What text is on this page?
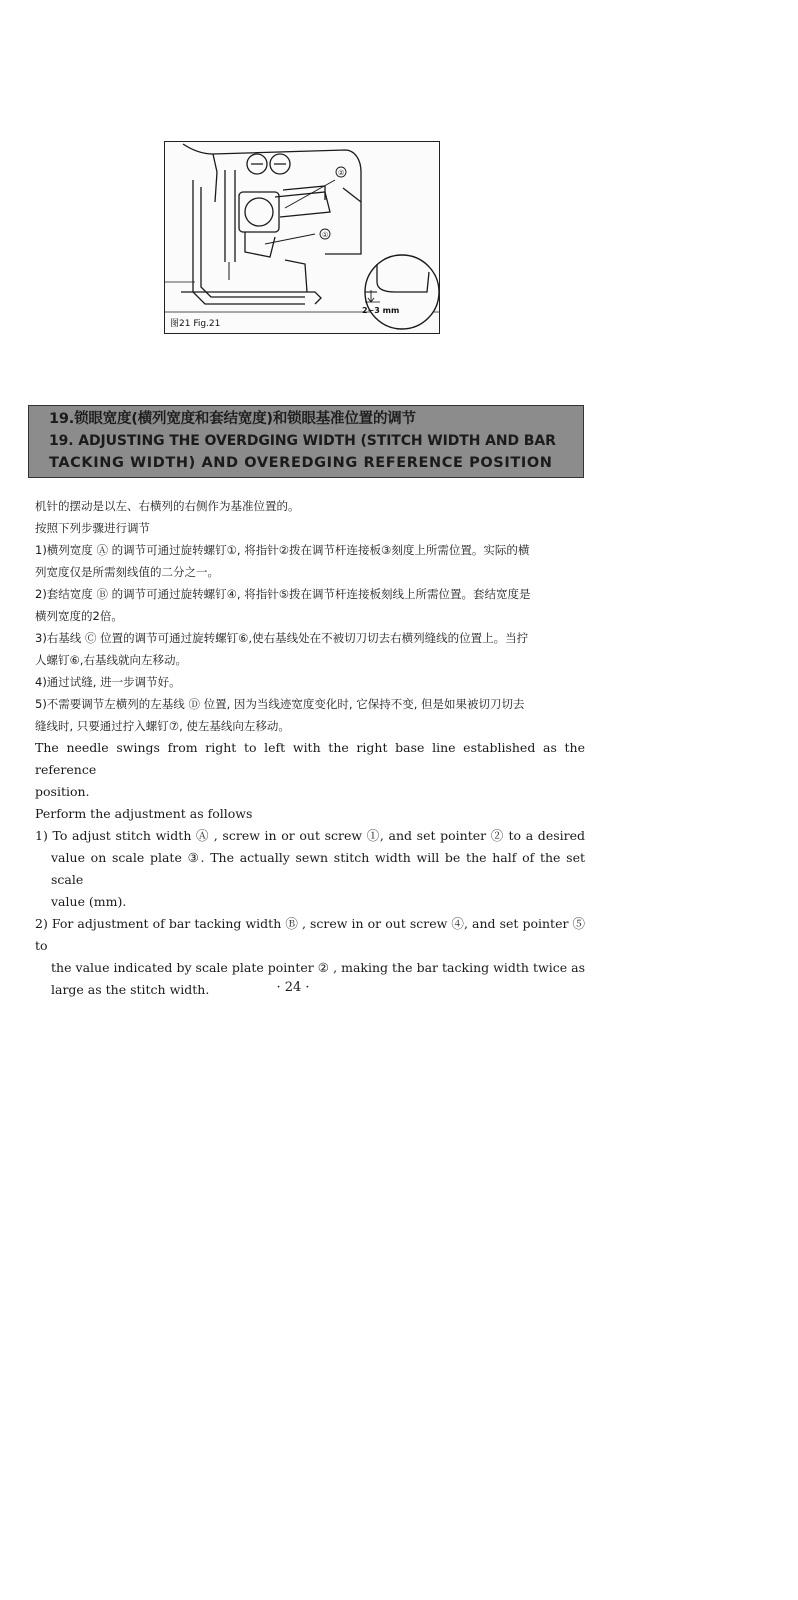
②
①
2~3 mm
图21 Fig.21
19.锁眼宽度(横列宽度和套结宽度)和锁眼基准位置的调节
19. ADJUSTING THE OVERDGING WIDTH (STITCH WIDTH AND BAR
TACKING WIDTH) AND OVEREDGING REFERENCE POSITION

机针的摆动是以左、右横列的右侧作为基准位置的。

按照下列步骤进行调节

1)横列宽度 Ⓐ 的调节可通过旋转螺钉①, 将指针②拨在调节杆连接板③刻度上所需位置。实际的横

列宽度仅是所需刻线值的二分之一。

2)套结宽度 Ⓑ 的调节可通过旋转螺钉④, 将指针⑤拨在调节杆连接板刻线上所需位置。套结宽度是

横列宽度的2倍。

3)右基线 Ⓒ 位置的调节可通过旋转螺钉⑥,使右基线处在不被切刀切去右横列缝线的位置上。当拧

人螺钉⑥,右基线就向左移动。

4)通过试缝, 进一步调节好。

5)不需要调节左横列的左基线 Ⓓ 位置, 因为当线迹宽度变化时, 它保持不变, 但是如果被切刀切去

缝线时, 只要通过拧入螺钉⑦, 使左基线向左移动。

The needle swings from right to left with the right base line established as the reference

position.

Perform the adjustment as follows

1) To adjust stitch width Ⓐ , screw in or out screw ①, and set pointer ② to a desired

value on scale plate ③. The actually sewn stitch width will be the half of the set scale

value (mm).

2) For adjustment of bar tacking width Ⓑ , screw in or out screw ④, and set pointer ⑤ to

the value indicated by scale plate pointer ② , making the bar tacking width twice as

large as the stitch width.	· 24 ·
